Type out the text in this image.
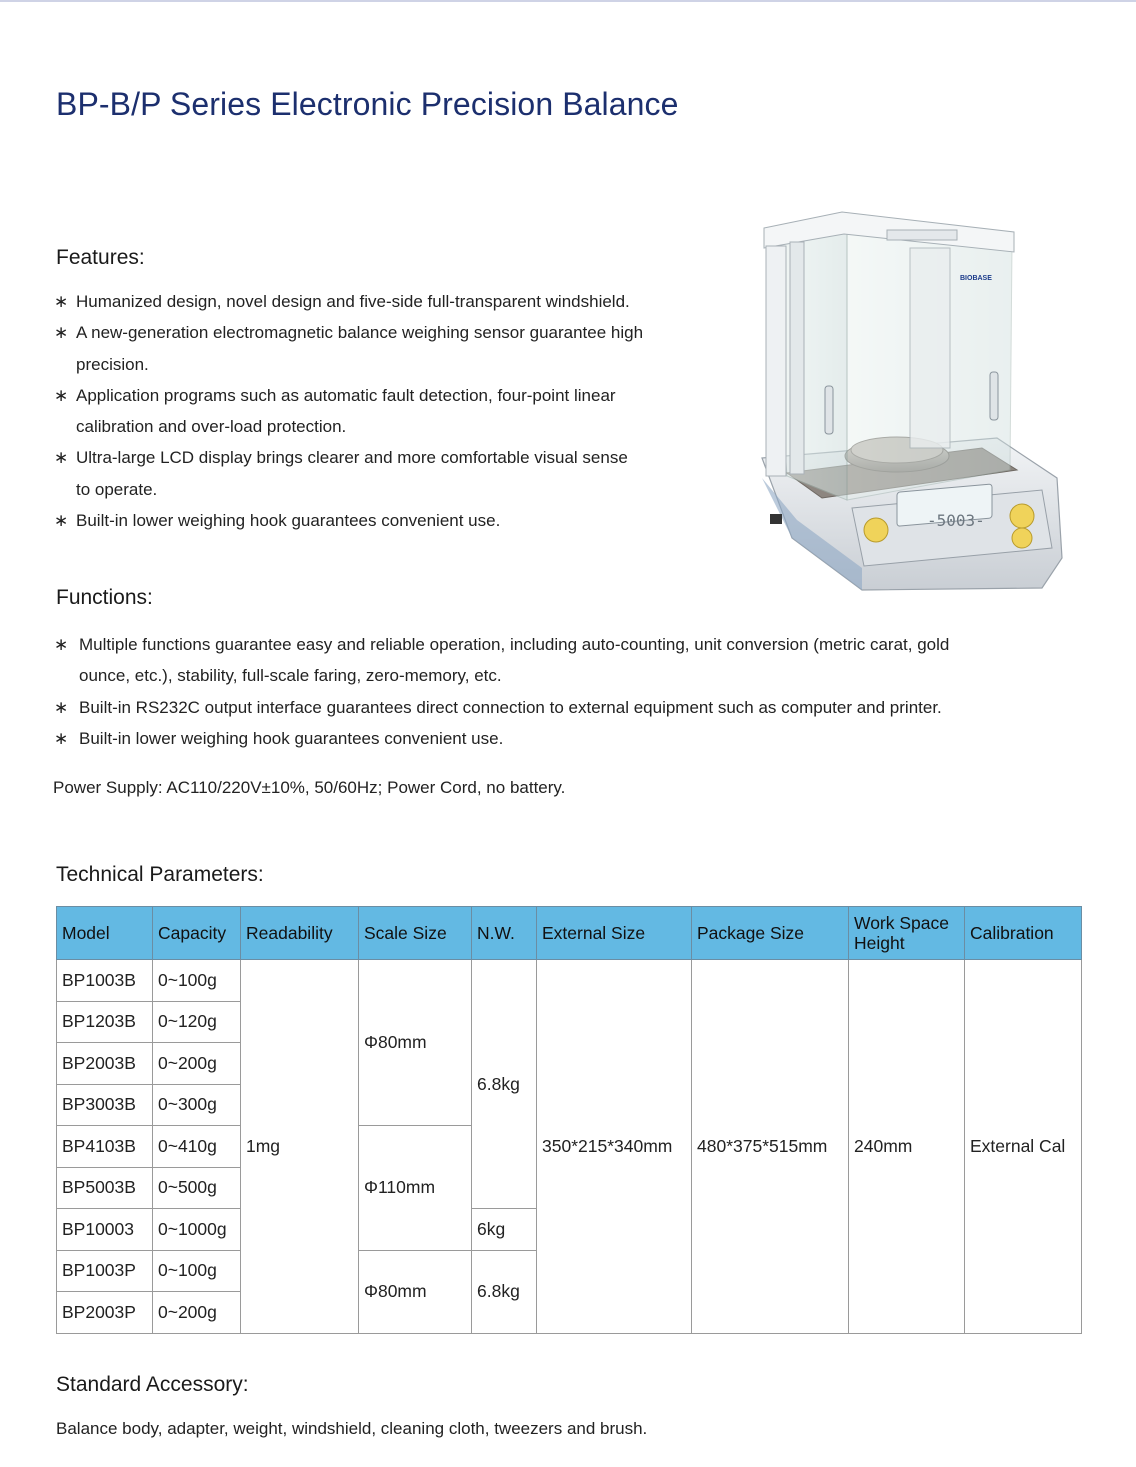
BP-B/P Series Electronic Precision Balance
Features:
∗ Humanized design, novel design and five-side full-transparent windshield.
∗ A new-generation electromagnetic balance weighing sensor guarantee high
precision.
∗ Application programs such as automatic fault detection, four-point linear
calibration and over-load protection.
∗ Ultra-large LCD display brings clearer and more comfortable visual sense
to operate.
∗ Built-in lower weighing hook guarantees convenient use.	-5003-
BIOBASE
Functions:
∗ Multiple functions guarantee easy and reliable operation, including auto-counting, unit conversion (metric carat, gold
ounce, etc.), stability, full-scale faring, zero-memory, etc.
∗ Built-in RS232C output interface guarantees direct connection to external equipment such as computer and printer.
∗ Built-in lower weighing hook guarantees convenient use.

Power Supply: AC110/220V±10%, 50/60Hz; Power Cord, no battery.

Technical Parameters:
Model	Capacity	Readability	Scale Size	N.W.	External Size	Package Size	Work Space Height	Calibration
BP1003B	0~100g	1mg	Φ80mm	6.8kg	350*215*340mm	480*375*515mm	240mm	External Cal
BP1203B	0~120g							
BP2003B	0~200g							
BP3003B	0~300g							
BP4103B	0~410g		Φ110mm					
BP5003B	0~500g							
BP10003	0~1000g			6kg				
BP1003P	0~100g		Φ80mm	6.8kg				
BP2003P	0~200g							
Standard Accessory:

Balance body, adapter, weight, windshield, cleaning cloth, tweezers and brush.
